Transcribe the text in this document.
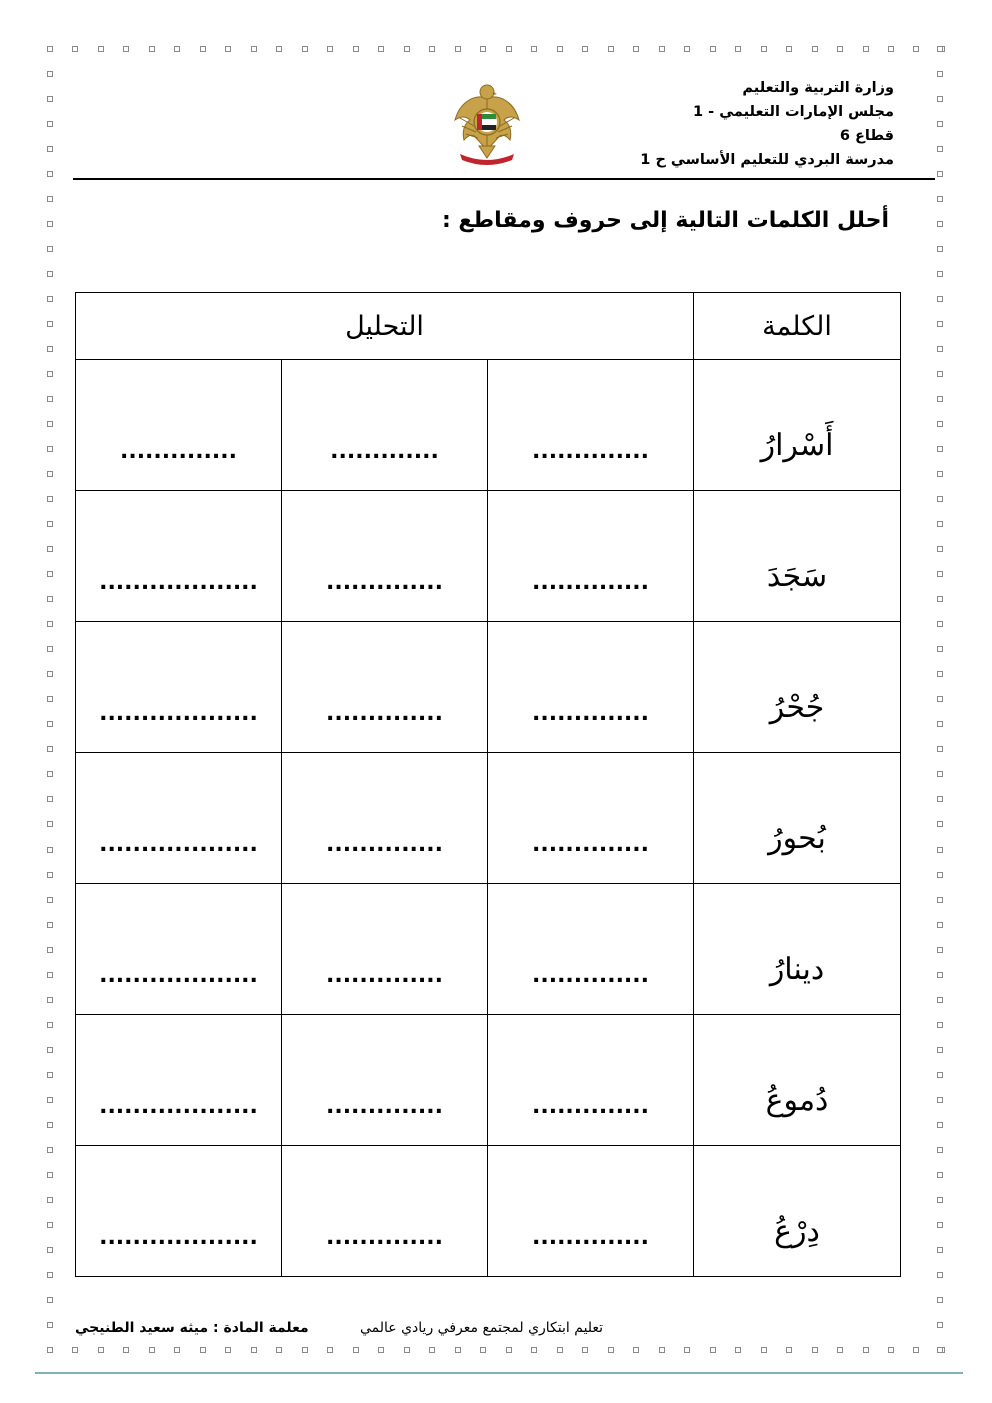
وزارة التربية والتعليم
مجلس الإمارات التعليمي - 1
قطاع 6
مدرسة البردي للتعليم الأساسي ح 1
أحلل الكلمات التالية إلى حروف ومقاطع :
التحليل			الكلمة
..............	.............	..............	أَسْرارُ
...................	..............	..............	سَجَدَ
...................	..............	..............	جُحْرُ
...................	..............	..............	بُحورُ
...................	..............	..............	دينارُ
...................	..............	..............	دُموعُ
...................	..............	..............	دِرْعُ
تعليم ابتكاري لمجتمع معرفي ريادي عالمي
معلمة المادة : ميثه سعيد الطنيجي
